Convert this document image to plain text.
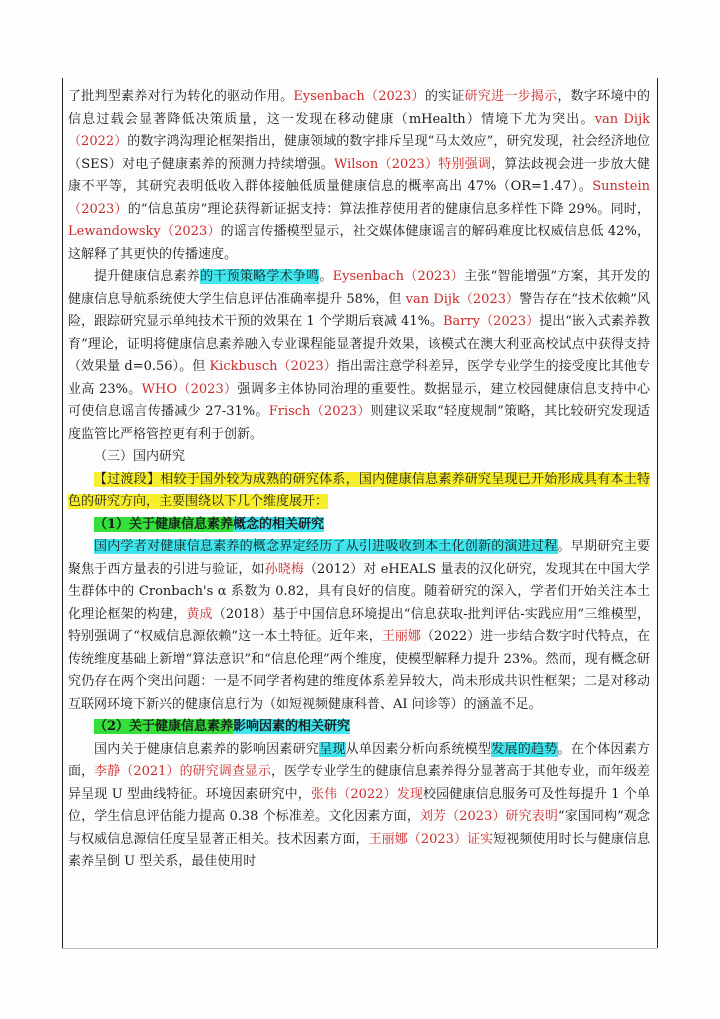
了批判型素养对行为转化的驱动作用。Eysenbach（2023）的实证研究进一步揭示，数字环境中的信息过载会显著降低决策质量，这一发现在移动健康（mHealth）情境下尤为突出。van Dijk（2022）的数字鸿沟理论框架指出，健康领域的数字排斥呈现“马太效应”，研究发现，社会经济地位（SES）对电子健康素养的预测力持续增强。Wilson（2023）特别强调，算法歧视会进一步放大健康不平等，其研究表明低收入群体接触低质量健康信息的概率高出 47%（OR=1.47）。Sunstein（2023）的“信息茧房”理论获得新证据支持：算法推荐使用者的健康信息多样性下降 29%。同时，Lewandowsky（2023）的谣言传播模型显示，社交媒体健康谣言的解码难度比权威信息低 42%，这解释了其更快的传播速度。

提升健康信息素养的干预策略学术争鸣。Eysenbach（2023）主张“智能增强”方案，其开发的健康信息导航系统使大学生信息评估准确率提升 58%，但 van Dijk（2023）警告存在“技术依赖”风险，跟踪研究显示单纯技术干预的效果在 1 个学期后衰减 41%。Barry（2023）提出“嵌入式素养教育”理论，证明将健康信息素养融入专业课程能显著提升效果，该模式在澳大利亚高校试点中获得支持（效果量 d=0.56）。但 Kickbusch（2023）指出需注意学科差异，医学专业学生的接受度比其他专业高 23%。WHO（2023）强调多主体协同治理的重要性。数据显示，建立校园健康信息支持中心可使信息谣言传播减少 27-31%。Frisch（2023）则建议采取“轻度规制”策略，其比较研究发现适度监管比严格管控更有利于创新。

（三）国内研究

【过渡段】相较于国外较为成熟的研究体系，国内健康信息素养研究呈现已开始形成具有本土特色的研究方向，主要围绕以下几个维度展开：

（1）关于健康信息素养概念的相关研究

国内学者对健康信息素养的概念界定经历了从引进吸收到本土化创新的演进过程。早期研究主要聚焦于西方量表的引进与验证，如孙晓梅（2012）对 eHEALS 量表的汉化研究，发现其在中国大学生群体中的 Cronbach's α 系数为 0.82，具有良好的信度。随着研究的深入，学者们开始关注本土化理论框架的构建，黄成（2018）基于中国信息环境提出“信息获取-批判评估-实践应用”三维模型，特别强调了“权威信息源依赖”这一本土特征。近年来，王丽娜（2022）进一步结合数字时代特点，在传统维度基础上新增“算法意识”和“信息伦理”两个维度，使模型解释力提升 23%。然而，现有概念研究仍存在两个突出问题：一是不同学者构建的维度体系差异较大，尚未形成共识性框架；二是对移动互联网环境下新兴的健康信息行为（如短视频健康科普、AI 问诊等）的涵盖不足。

（2）关于健康信息素养影响因素的相关研究

国内关于健康信息素养的影响因素研究呈现从单因素分析向系统模型发展的趋势。在个体因素方面，李静（2021）的研究调查显示，医学专业学生的健康信息素养得分显著高于其他专业，而年级差异呈现 U 型曲线特征。环境因素研究中，张伟（2022）发现校园健康信息服务可及性每提升 1 个单位，学生信息评估能力提高 0.38 个标准差。文化因素方面，刘芳（2023）研究表明“家国同构”观念与权威信息源信任度呈显著正相关。技术因素方面，王丽娜（2023）证实短视频使用时长与健康信息素养呈倒 U 型关系，最佳使用时
